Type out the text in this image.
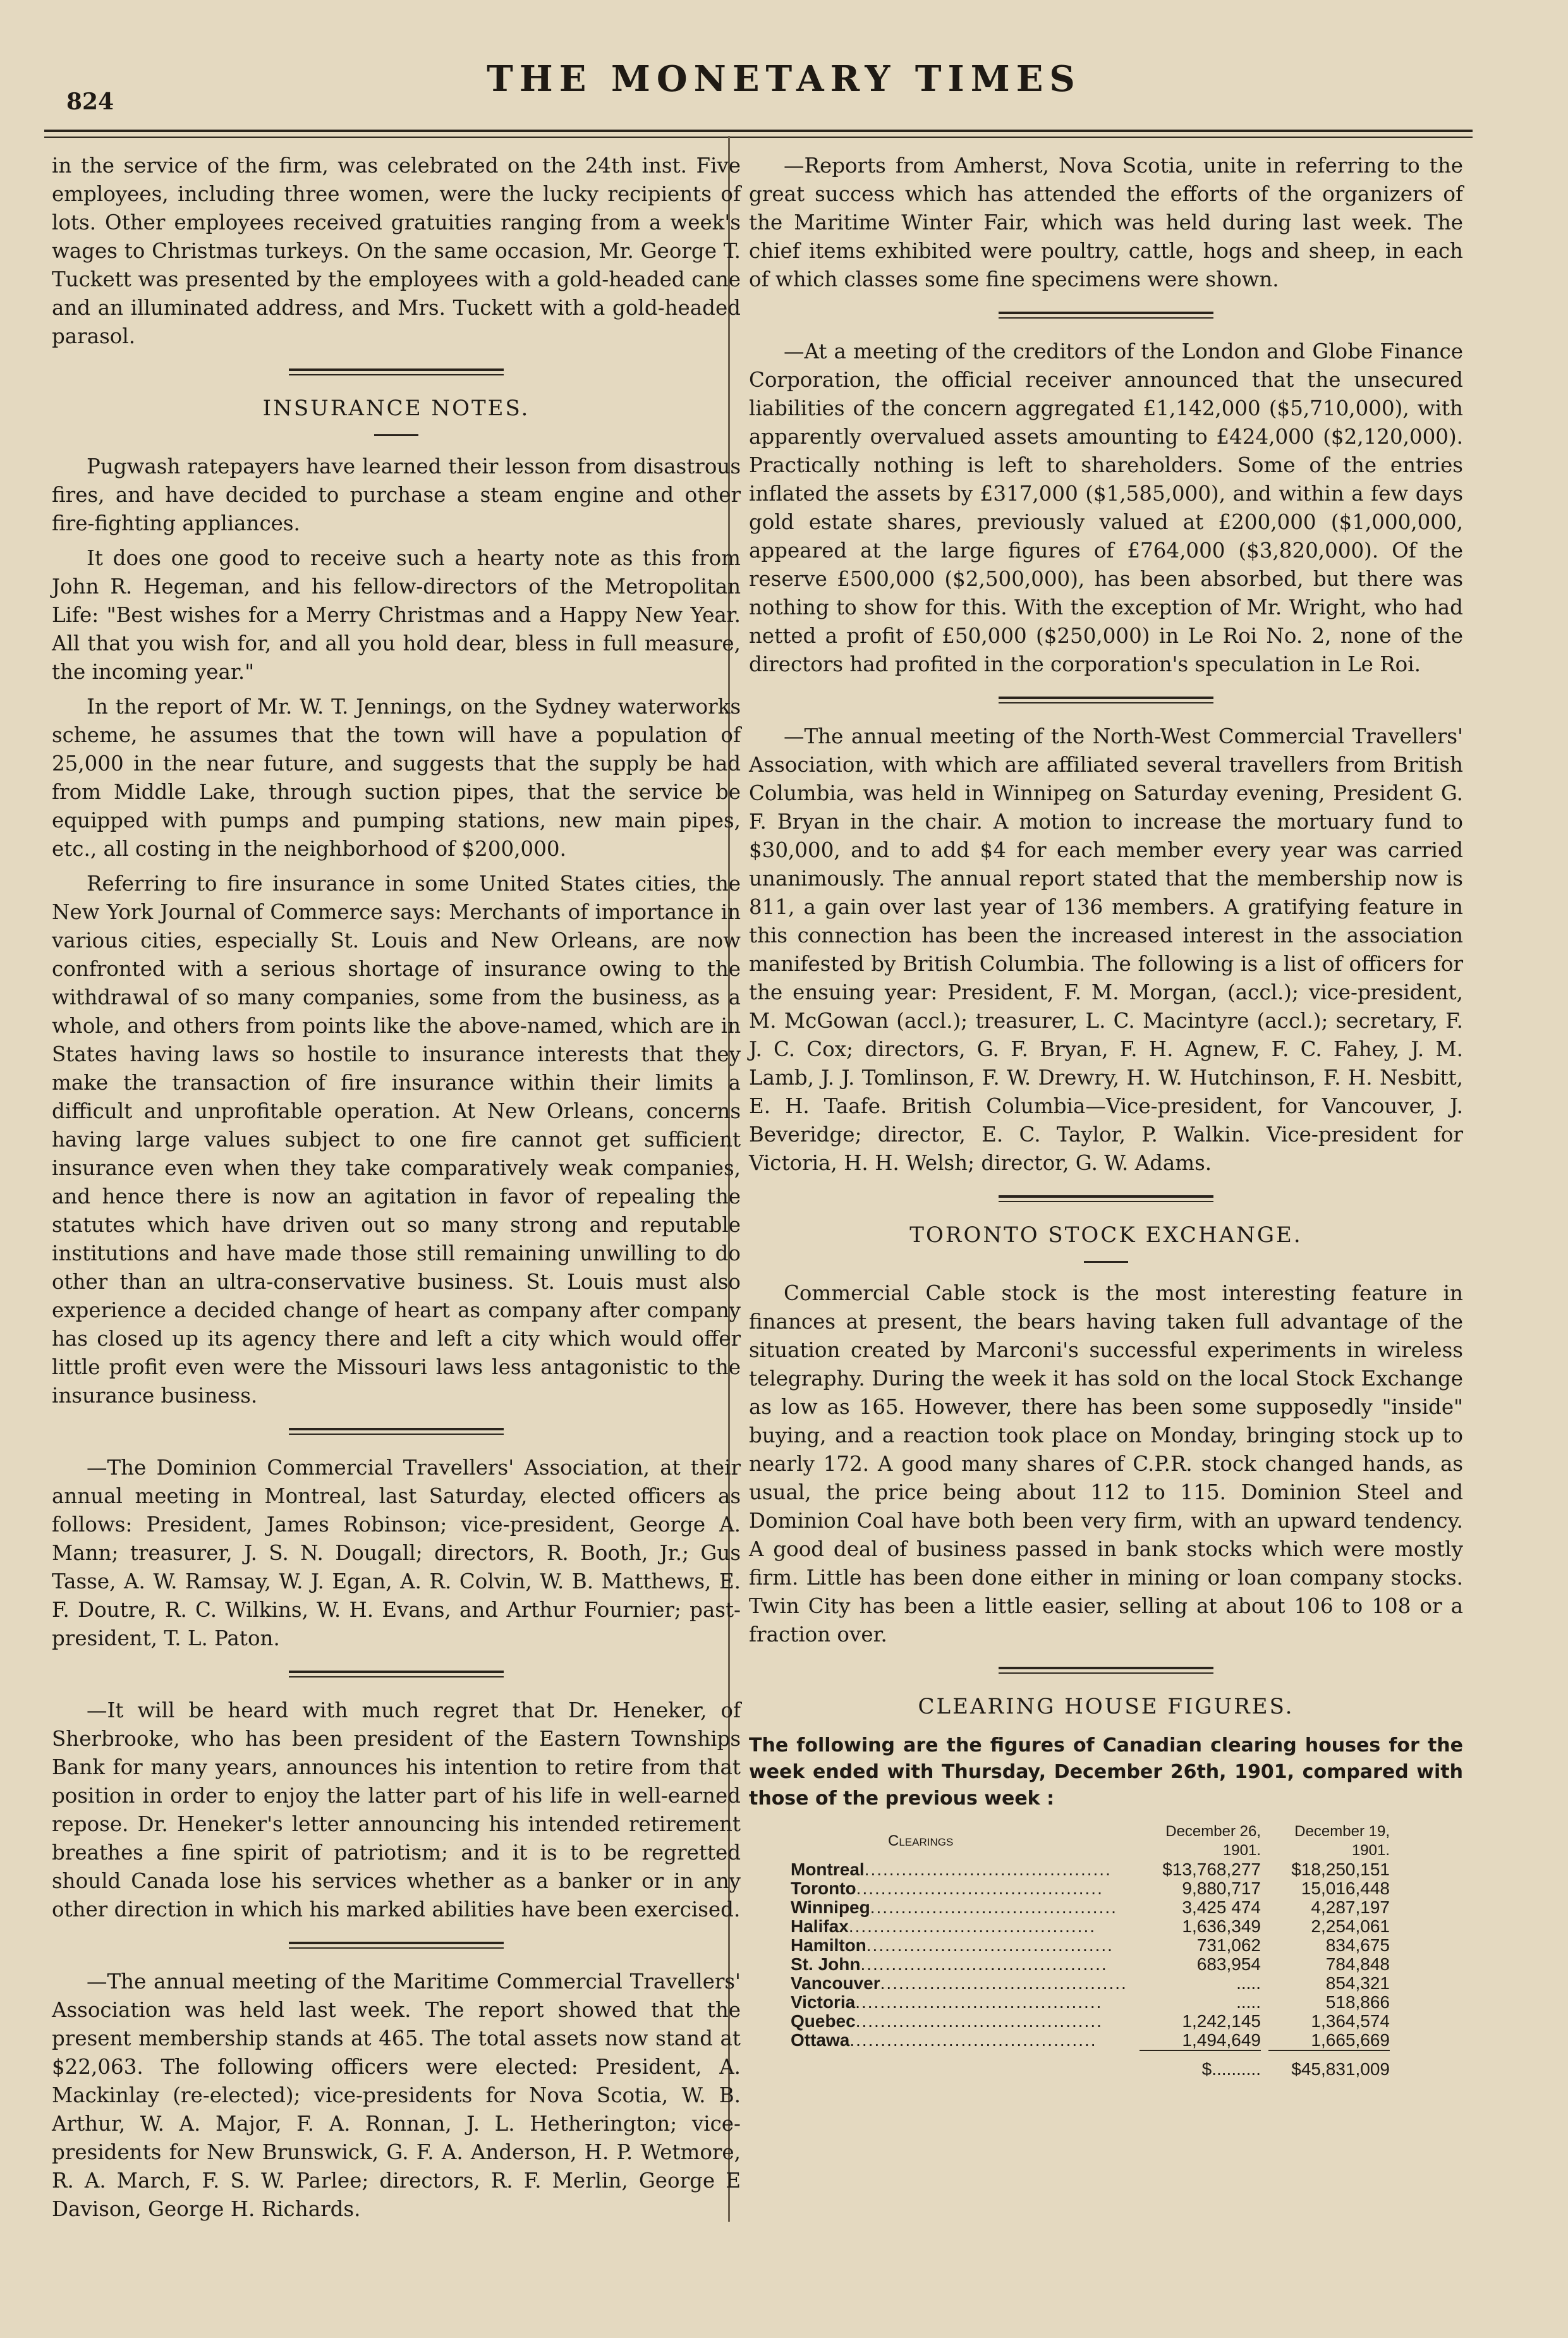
824
THE MONETARY TIMES

in the service of the firm, was celebrated on the 24th inst. Five employees, including three women, were the lucky recipients of lots. Other employees received gratuities ranging from a week's wages to Christmas turkeys. On the same occasion, Mr. George T. Tuckett was presented by the employees with a gold-headed cane and an illuminated address, and Mrs. Tuckett with a gold-headed parasol.

INSURANCE NOTES.

Pugwash ratepayers have learned their lesson from disastrous fires, and have decided to purchase a steam engine and other fire-fighting appliances.

It does one good to receive such a hearty note as this from John R. Hegeman, and his fellow-directors of the Metropolitan Life: "Best wishes for a Merry Christmas and a Happy New Year. All that you wish for, and all you hold dear, bless in full measure, the incoming year."

In the report of Mr. W. T. Jennings, on the Sydney waterworks scheme, he assumes that the town will have a population of 25,000 in the near future, and suggests that the supply be had from Middle Lake, through suction pipes, that the service be equipped with pumps and pumping stations, new main pipes, etc., all costing in the neighborhood of $200,000.

Referring to fire insurance in some United States cities, the New York Journal of Commerce says: Merchants of importance in various cities, especially St. Louis and New Orleans, are now confronted with a serious shortage of insurance owing to the withdrawal of so many companies, some from the business, as a whole, and others from points like the above-named, which are in States having laws so hostile to insurance interests that they make the transaction of fire insurance within their limits a difficult and unprofitable operation. At New Orleans, concerns having large values subject to one fire cannot get sufficient insurance even when they take comparatively weak companies, and hence there is now an agitation in favor of repealing the statutes which have driven out so many strong and reputable institutions and have made those still remaining unwilling to do other than an ultra-conservative business. St. Louis must also experience a decided change of heart as company after company has closed up its agency there and left a city which would offer little profit even were the Missouri laws less antagonistic to the insurance business.

—The Dominion Commercial Travellers' Association, at their annual meeting in Montreal, last Saturday, elected officers as follows: President, James Robinson; vice-president, George A. Mann; treasurer, J. S. N. Dougall; directors, R. Booth, Jr.; Gus Tasse, A. W. Ramsay, W. J. Egan, A. R. Colvin, W. B. Matthews, E. F. Doutre, R. C. Wilkins, W. H. Evans, and Arthur Fournier; past-president, T. L. Paton.

—It will be heard with much regret that Dr. Heneker, of Sherbrooke, who has been president of the Eastern Townships Bank for many years, announces his intention to retire from that position in order to enjoy the latter part of his life in well-earned repose. Dr. Heneker's letter announcing his intended retirement breathes a fine spirit of patriotism; and it is to be regretted should Canada lose his services whether as a banker or in any other direction in which his marked abilities have been exercised.

—The annual meeting of the Maritime Commercial Travellers' Association was held last week. The report showed that the present membership stands at 465. The total assets now stand at $22,063. The following officers were elected: President, A. Mackinlay (re-elected); vice-presidents for Nova Scotia, W. B. Arthur, W. A. Major, F. A. Ronnan, J. L. Hetherington; vice-presidents for New Brunswick, G. F. A. Anderson, H. P. Wetmore, R. A. March, F. S. W. Parlee; directors, R. F. Merlin, George E Davison, George H. Richards.

—Reports from Amherst, Nova Scotia, unite in referring to the great success which has attended the efforts of the organizers of the Maritime Winter Fair, which was held during last week. The chief items exhibited were poultry, cattle, hogs and sheep, in each of which classes some fine specimens were shown.

—At a meeting of the creditors of the London and Globe Finance Corporation, the official receiver announced that the unsecured liabilities of the concern aggregated £1,142,000 ($5,710,000), with apparently overvalued assets amounting to £424,000 ($2,120,000). Practically nothing is left to shareholders. Some of the entries inflated the assets by £317,000 ($1,585,000), and within a few days gold estate shares, previously valued at £200,000 ($1,000,000, appeared at the large figures of £764,000 ($3,820,000). Of the reserve £500,000 ($2,500,000), has been absorbed, but there was nothing to show for this. With the exception of Mr. Wright, who had netted a profit of £50,000 ($250,000) in Le Roi No. 2, none of the directors had profited in the corporation's speculation in Le Roi.

—The annual meeting of the North-West Commercial Travellers' Association, with which are affiliated several travellers from British Columbia, was held in Winnipeg on Saturday evening, President G. F. Bryan in the chair. A motion to increase the mortuary fund to $30,000, and to add $4 for each member every year was carried unanimously. The annual report stated that the membership now is 811, a gain over last year of 136 members. A gratifying feature in this connection has been the increased interest in the association manifested by British Columbia. The following is a list of officers for the ensuing year: President, F. M. Morgan, (accl.); vice-president, M. McGowan (accl.); treasurer, L. C. Macintyre (accl.); secretary, F. J. C. Cox; directors, G. F. Bryan, F. H. Agnew, F. C. Fahey, J. M. Lamb, J. J. Tomlinson, F. W. Drewry, H. W. Hutchinson, F. H. Nesbitt, E. H. Taafe. British Columbia—Vice-president, for Vancouver, J. Beveridge; director, E. C. Taylor, P. Walkin. Vice-president for Victoria, H. H. Welsh; director, G. W. Adams.

TORONTO STOCK EXCHANGE.

Commercial Cable stock is the most interesting feature in finances at present, the bears having taken full advantage of the situation created by Marconi's successful experiments in wireless telegraphy. During the week it has sold on the local Stock Exchange as low as 165. However, there has been some supposedly "inside" buying, and a reaction took place on Monday, bringing stock up to nearly 172. A good many shares of C.P.R. stock changed hands, as usual, the price being about 112 to 115. Dominion Steel and Dominion Coal have both been very firm, with an upward tendency. A good deal of business passed in bank stocks which were mostly firm. Little has been done either in mining or loan company stocks. Twin City has been a little easier, selling at about 106 to 108 or a fraction over.

CLEARING HOUSE FIGURES.
The following are the figures of Canadian clearing houses for the week ended with Thursday, December 26th, 1901, compared with those of the previous week :
Clearings	December 26, 1901.	December 19, 1901.
Montreal........................................	$13,768,277	$18,250,151
Toronto........................................	9,880,717	15,016,448
Winnipeg........................................	3,425 474	4,287,197
Halifax........................................	1,636,349	2,254,061
Hamilton........................................	731,062	834,675
St. John........................................	683,954	784,848
Vancouver........................................	.....	854,321
Victoria........................................	.....	518,866
Quebec........................................	1,242,145	1,364,574
Ottawa........................................	1,494,649	1,665,669

	$..........	$45,831,009
